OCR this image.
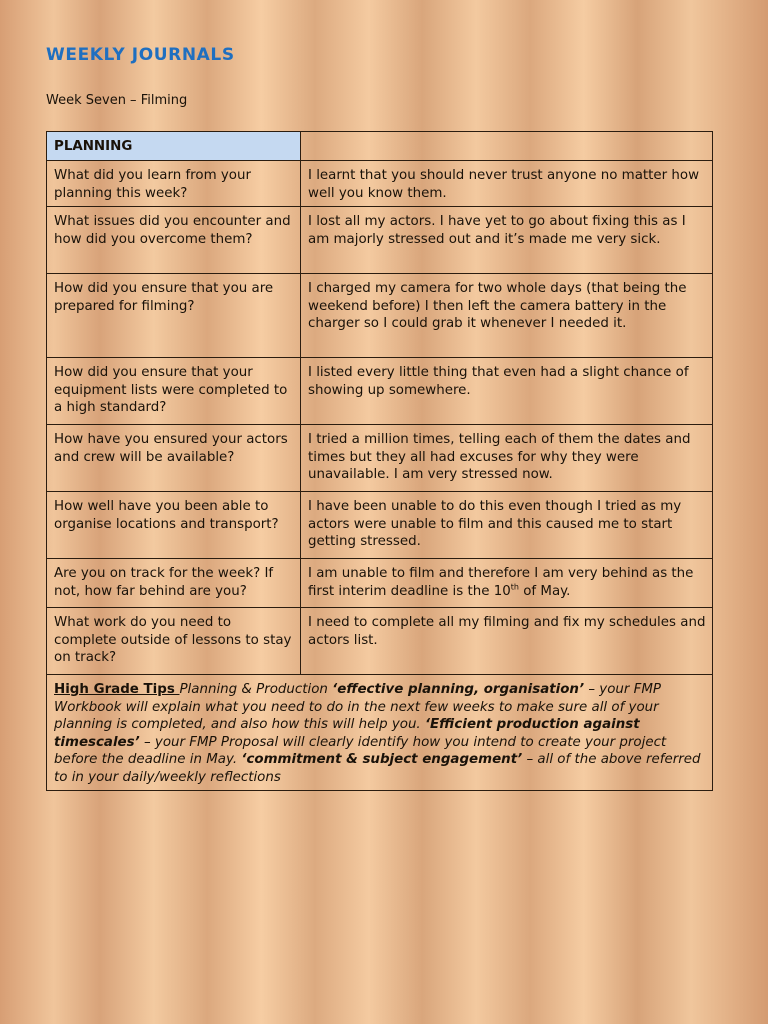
WEEKLY JOURNALS
Week Seven – Filming
PLANNING	
What did you learn from your planning this week?	I learnt that you should never trust anyone no matter how well you know them.
What issues did you encounter and how did you overcome them?	I lost all my actors. I have yet to go about fixing this as I am majorly stressed out and it’s made me very sick.
How did you ensure that you are prepared for filming?	I charged my camera for two whole days (that being the weekend before) I then left the camera battery in the charger so I could grab it whenever I needed it.
How did you ensure that your equipment lists were completed to a high standard?	I listed every little thing that even had a slight chance of showing up somewhere.
How have you ensured your actors and crew will be available?	I tried a million times, telling each of them the dates and times but they all had excuses for why they were unavailable. I am very stressed now.
How well have you been able to organise locations and transport?	I have been unable to do this even though I tried as my actors were unable to film and this caused me to start getting stressed.
Are you on track for the week? If not, how far behind are you?	I am unable to film and therefore I am very behind as the first interim deadline is the 10th of May.
What work do you need to complete outside of lessons to stay on track?	I need to complete all my filming and fix my schedules and actors list.
High Grade Tips Planning & Production ‘effective planning, organisation’ – your FMP Workbook will explain what you need to do in the next few weeks to make sure all of your planning is completed, and also how this will help you. ‘Efficient production against timescales’ – your FMP Proposal will clearly identify how you intend to create your project before the deadline in May. ‘commitment & subject engagement’ – all of the above referred to in your daily/weekly reflections	
